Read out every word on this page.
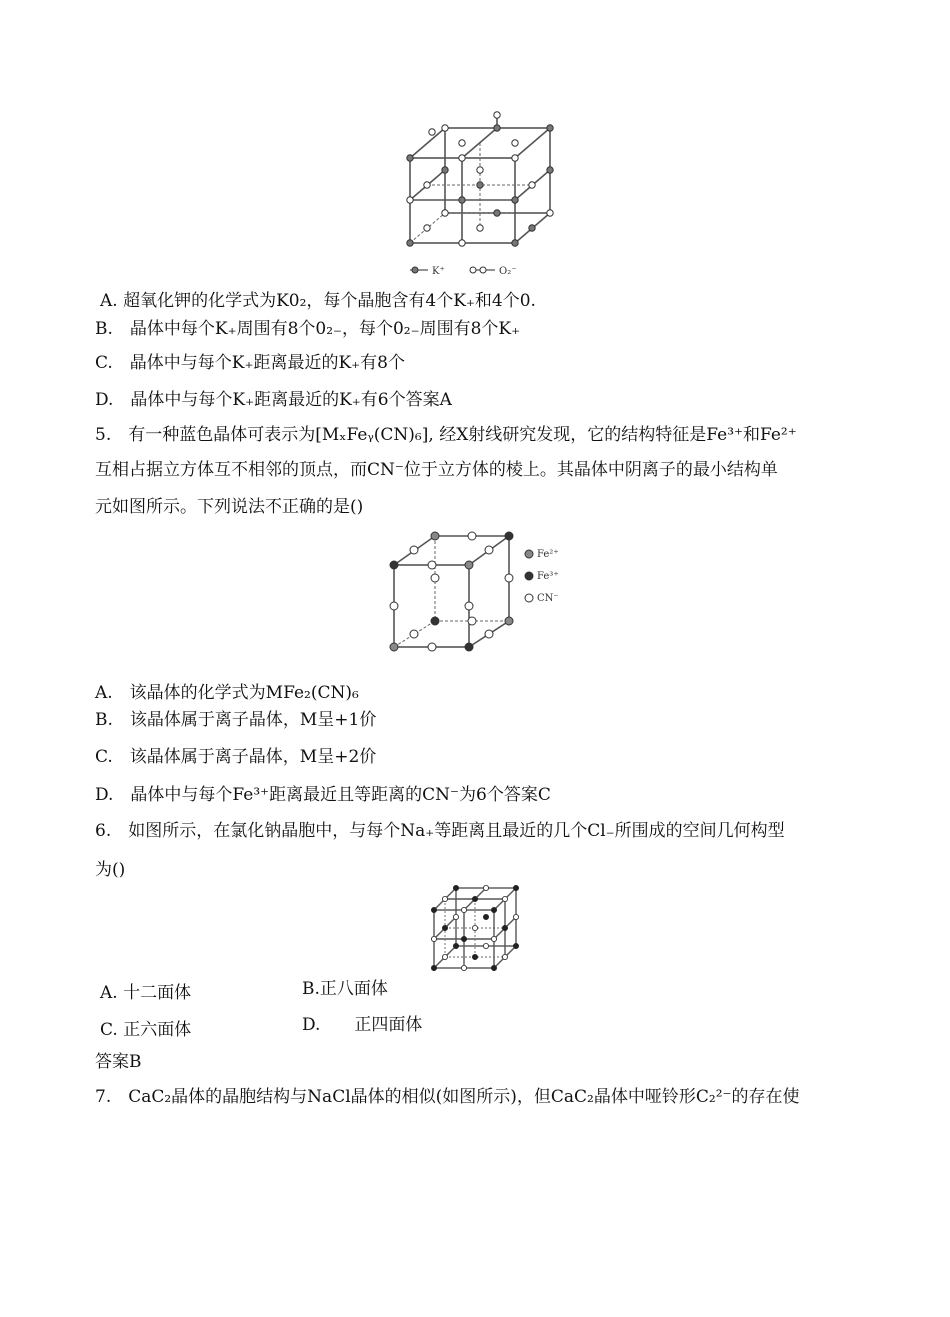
K⁺	O₂⁻
A. 超氧化钾的化学式为K0₂，每个晶胞含有4个K₊和4个0.
B. 晶体中每个K₊周围有8个0₂₋，每个0₂₋周围有8个K₊
C. 晶体中与每个K₊距离最近的K₊有8个
D. 晶体中与每个K₊距离最近的K₊有6个答案A
5. 有一种蓝色晶体可表示为[MₓFeᵧ(CN)₆], 经X射线研究发现，它的结构特征是Fe³⁺和Fe²⁺
互相占据立方体互不相邻的顶点，而CN⁻位于立方体的棱上。其晶体中阴离子的最小结构单
元如图所示。下列说法不正确的是()
Fe²⁺
Fe³⁺
CN⁻
A. 该晶体的化学式为MFe₂(CN)₆
B. 该晶体属于离子晶体，M呈+1价
C. 该晶体属于离子晶体，M呈+2价
D. 晶体中与每个Fe³⁺距离最近且等距离的CN⁻为6个答案C
6. 如图所示，在氯化钠晶胞中，与每个Na₊等距离且最近的几个Cl₋所围成的空间几何构型
为()
A. 十二面体	B.正八面体
C. 正六面体	D.  正四面体
答案B
7. CaC₂晶体的晶胞结构与NaCl晶体的相似(如图所示)，但CaC₂晶体中哑铃形C₂²⁻的存在使
